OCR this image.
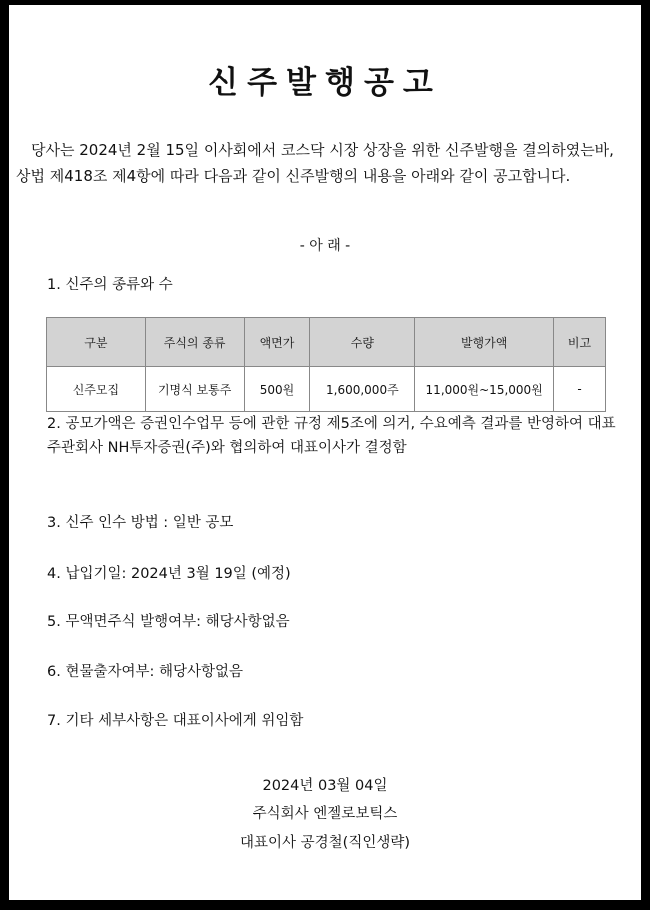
신주발행공고

당사는 2024년 2월 15일 이사회에서 코스닥 시장 상장을 위한 신주발행을 결의하였는바, 상법 제418조 제4항에 따라 다음과 같이 신주발행의 내용을 아래와 같이 공고합니다.

- 아 래 -

1. 신주의 종류와 수

구분	주식의 종류	액면가	수량	발행가액	비고
신주모집	기명식 보통주	500원	1,600,000주	11,000원~15,000원	-

2. 공모가액은 증권인수업무 등에 관한 규정 제5조에 의거, 수요예측 결과를 반영하여 대표주관회사 NH투자증권(주)와 협의하여 대표이사가 결정함

3. 신주 인수 방법 : 일반 공모

4. 납입기일: 2024년 3월 19일 (예정)

5. 무액면주식 발행여부: 해당사항없음

6. 현물출자여부: 해당사항없음

7. 기타 세부사항은 대표이사에게 위임함

2024년 03월 04일
주식회사 엔젤로보틱스
대표이사 공경철(직인생략)
